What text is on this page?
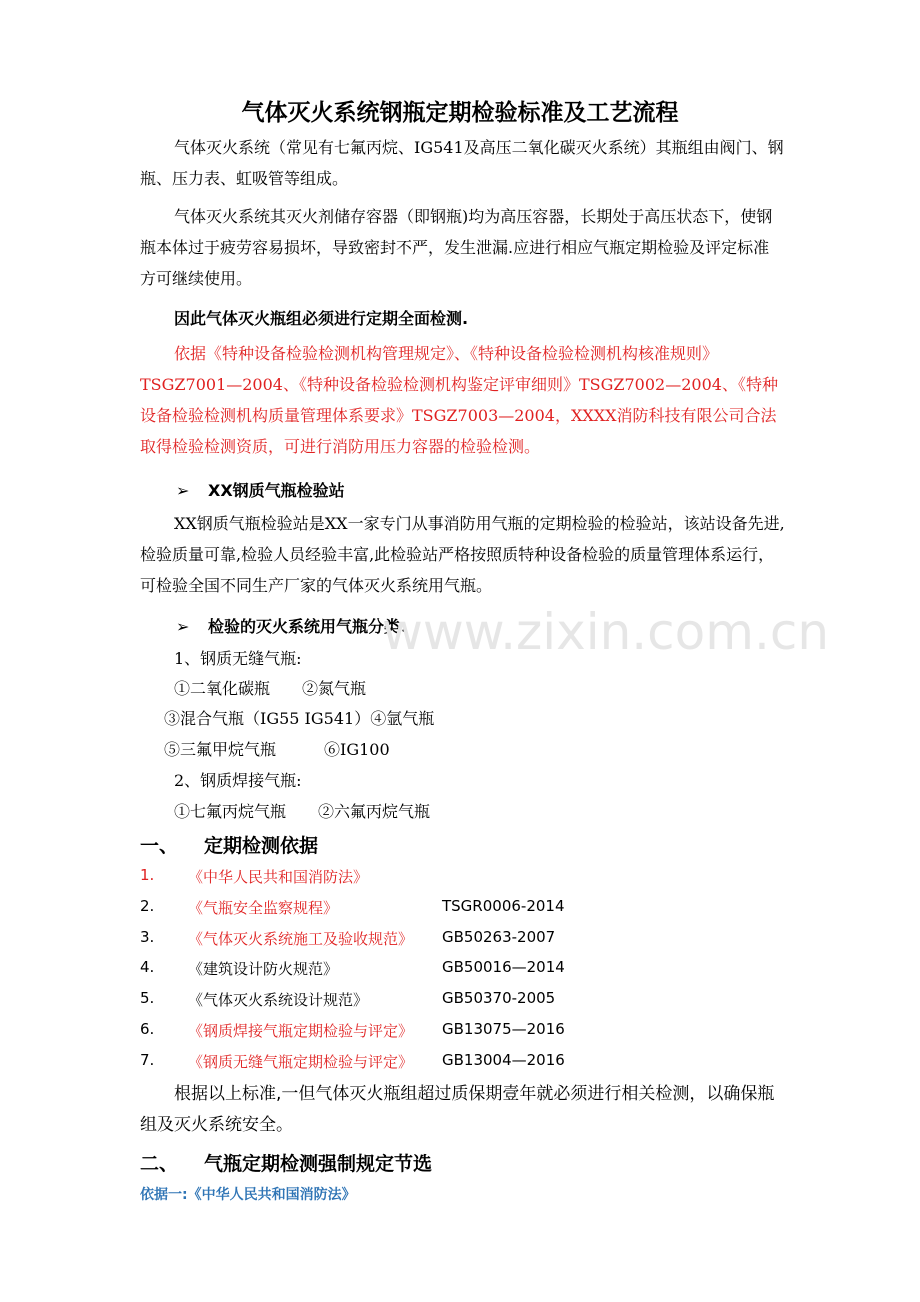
气体灭火系统钢瓶定期检验标准及工艺流程
气体灭火系统（常见有七氟丙烷、IG541及高压二氧化碳灭火系统）其瓶组由阀门、钢瓶、压力表、虹吸管等组成。
气体灭火系统其灭火剂储存容器（即钢瓶)均为高压容器，长期处于高压状态下，使钢瓶本体过于疲劳容易损坏，导致密封不严，发生泄漏.应进行相应气瓶定期检验及评定标准方可继续使用。
因此气体灭火瓶组必须进行定期全面检测.
依据《特种设备检验检测机构管理规定》、《特种设备检验检测机构核准规则》TSGZ7001—2004、《特种设备检验检测机构鉴定评审细则》TSGZ7002—2004、《特种设备检验检测机构质量管理体系要求》TSGZ7003—2004，XXXX消防科技有限公司合法取得检验检测资质，可进行消防用压力容器的检验检测。
➢ XX钢质气瓶检验站
XX钢质气瓶检验站是XX一家专门从事消防用气瓶的定期检验的检验站，该站设备先进,检验质量可靠,检验人员经验丰富,此检验站严格按照质特种设备检验的质量管理体系运行，可检验全国不同生产厂家的气体灭火系统用气瓶。
➢ 检验的灭火系统用气瓶分类：
1、钢质无缝气瓶:
①二氧化碳瓶　　②氮气瓶
③混合气瓶（IG55 IG541）④氩气瓶
⑤三氟甲烷气瓶　　　⑥IG100
2、钢质焊接气瓶:
①七氟丙烷气瓶　　②六氟丙烷气瓶
一、 定期检测依据
1. 《中华人民共和国消防法》
2. 《气瓶安全监察规程》	TSGR0006-2014
3. 《气体灭火系统施工及验收规范》 GB50263-2007
4. 《建筑设计防火规范》	GB50016—2014
5. 《气体灭火系统设计规范》	GB50370-2005
6. 《钢质焊接气瓶定期检验与评定》 GB13075—2016
7. 《钢质无缝气瓶定期检验与评定》 GB13004—2016
根据以上标准,一但气体灭火瓶组超过质保期壹年就必须进行相关检测，以确保瓶组及灭火系统安全。
二、 气瓶定期检测强制规定节选
依据一:《中华人民共和国消防法》
www.zixin.com.cn
